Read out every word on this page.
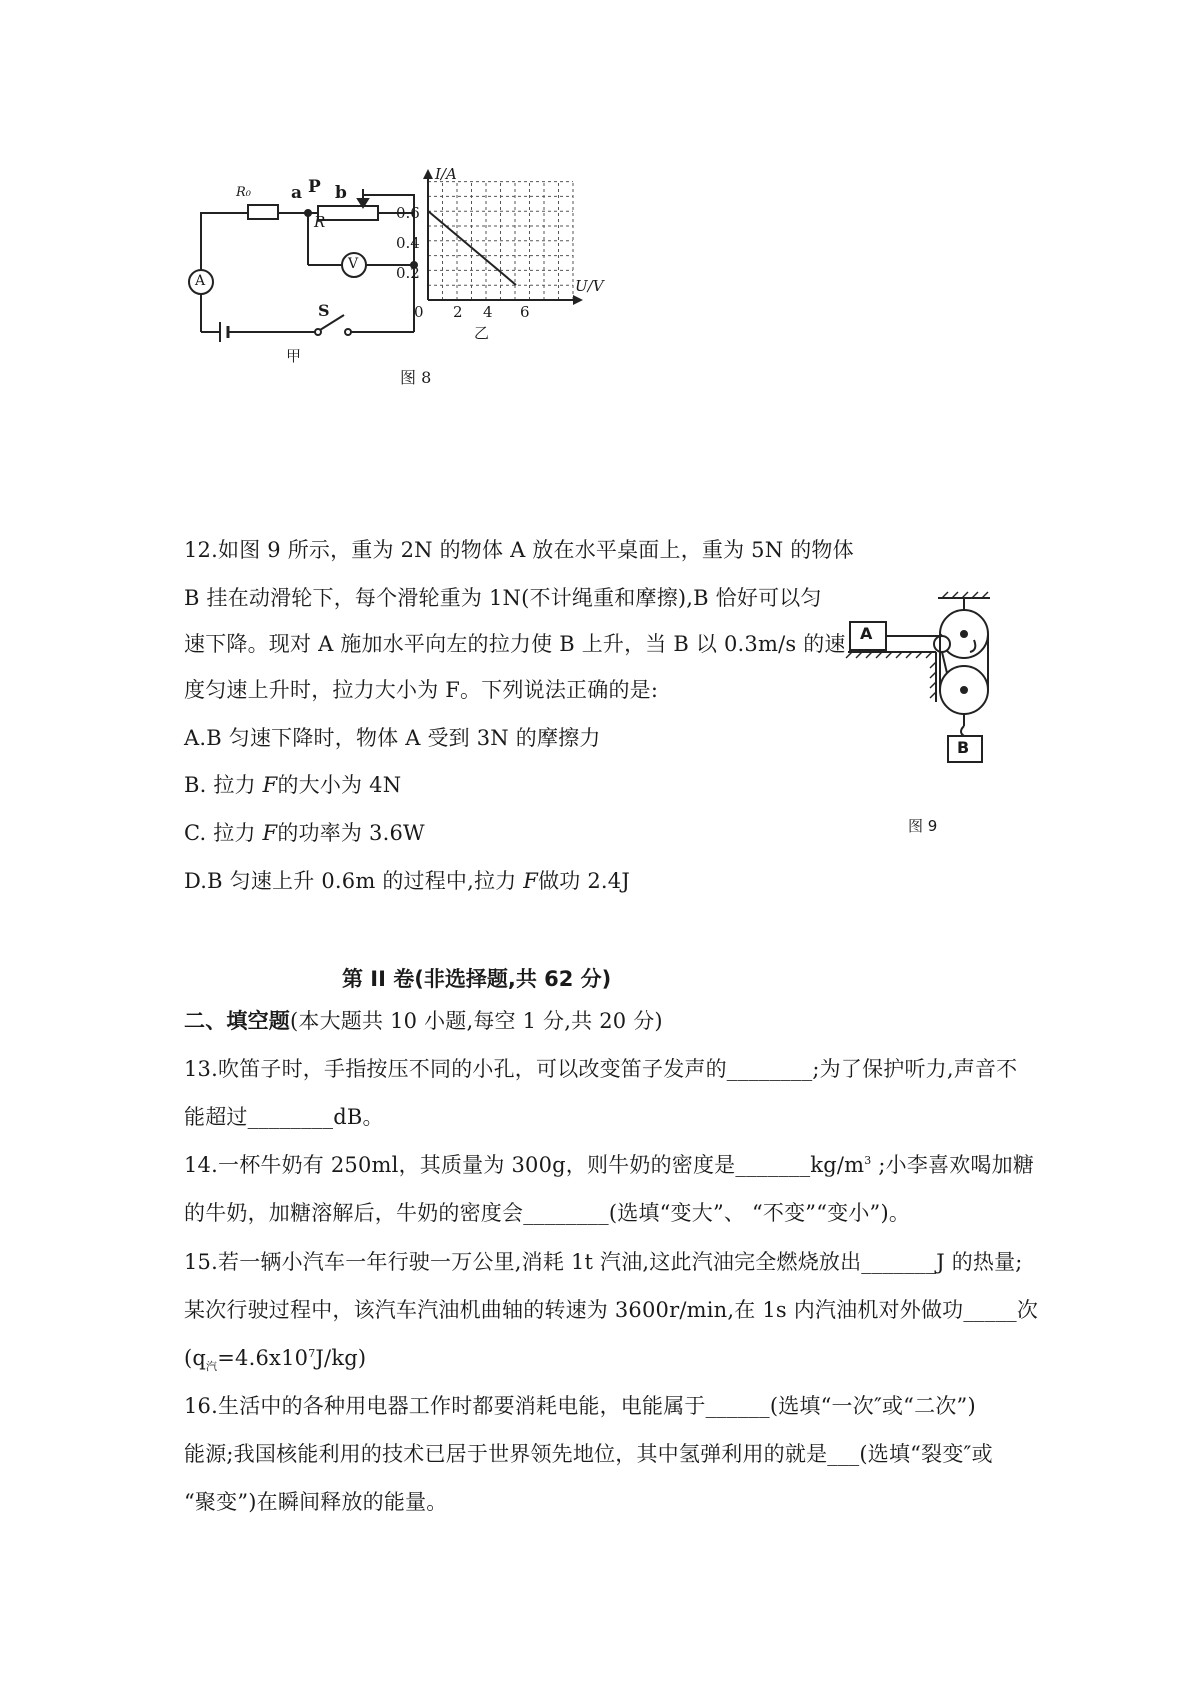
R₀ a P b
R
V
A
S
甲
I/A
U/V
0.6
0.4
0.2
0 2 4 6
乙
图 8
12.如图 9 所示，重为 2N 的物体 A 放在水平桌面上，重为 5N 的物体
B 挂在动滑轮下，每个滑轮重为 1N(不计绳重和摩擦),B 恰好可以匀
速下降。现对 A 施加水平向左的拉力使 B 上升，当 B 以 0.3m/s 的速
度匀速上升时，拉力大小为 F。下列说法正确的是:
A.B 匀速下降时，物体 A 受到 3N 的摩擦力
B. 拉力 F的大小为 4N
C. 拉力 F的功率为 3.6W
D.B 匀速上升 0.6m 的过程中,拉力 F做功 2.4J
A
B
图 9
第 II 卷(非选择题,共 62 分)
二、填空题(本大题共 10 小题,每空 1 分,共 20 分)
13.吹笛子时，手指按压不同的小孔，可以改变笛子发声的________;为了保护听力,声音不
能超过________dB。
14.一杯牛奶有 250ml，其质量为 300g，则牛奶的密度是$\_\_\_\_\_\_\_kg/m^3$ ;小李喜欢喝加糖
的牛奶，加糖溶解后，牛奶的密度会________(选填“变大”、 “不变”“变小”)。
15.若一辆小汽车一年行驶一万公里,消耗 1t 汽油,这此汽油完全燃烧放出_______J 的热量;
某次行驶过程中，该汽车汽油机曲轴的转速为 3600r/min,在 1s 内汽油机对外做功_____次
$(q_汽=4.6x10^7J/kg)$
16.生活中的各种用电器工作时都要消耗电能，电能属于______(选填“一次″或“二次”)
能源;我国核能利用的技术已居于世界领先地位，其中氢弹利用的就是___(选填“裂变″或
“聚变”)在瞬间释放的能量。
